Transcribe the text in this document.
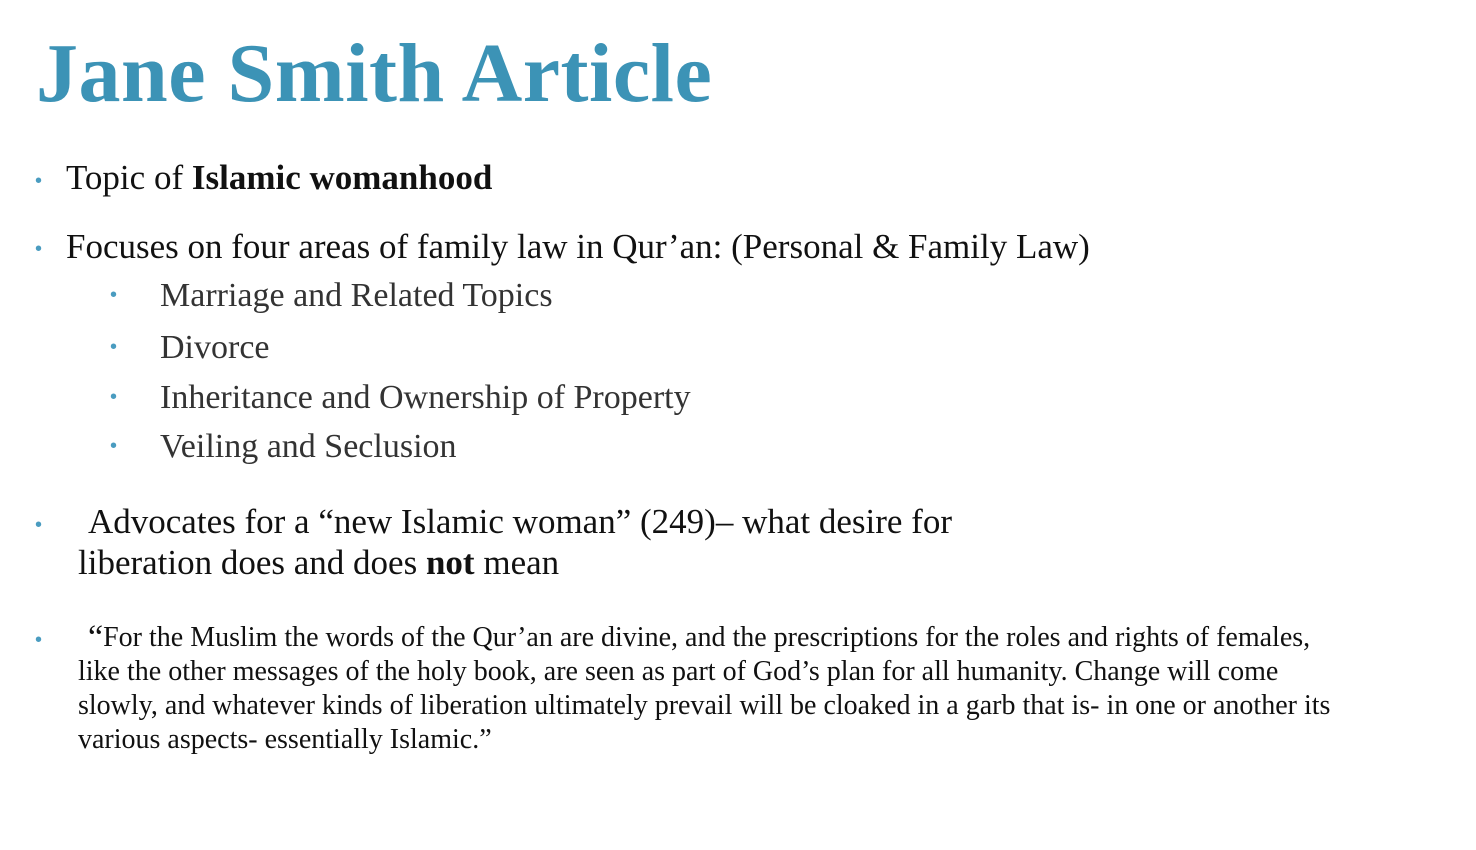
Jane Smith Article
• Topic of Islamic womanhood
• Focuses on four areas of family law in Qur’an: (Personal & Family Law)
• Marriage and Related Topics
• Divorce
• Inheritance and Ownership of Property
• Veiling and Seclusion
• Advocates for a “new Islamic woman” (249)– what desire for
liberation does and does not mean
• “For the Muslim the words of the Qur’an are divine, and the prescriptions for the roles and rights of females, like the other messages of the holy book, are seen as part of God’s plan for all humanity. Change will come slowly, and whatever kinds of liberation ultimately prevail will be cloaked in a garb that is- in one or another its various aspects- essentially Islamic.”
